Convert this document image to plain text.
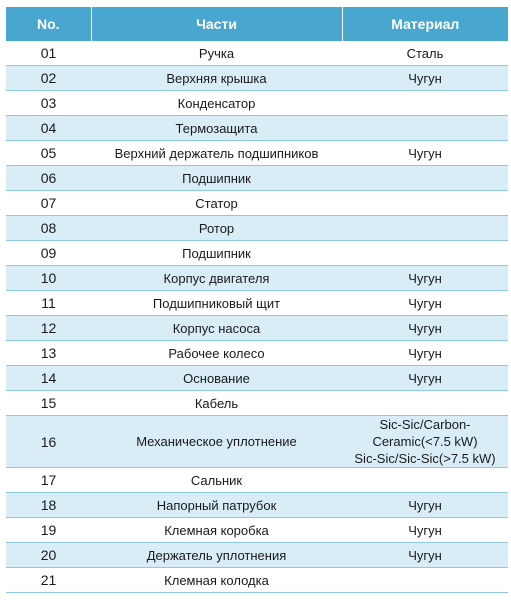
No.	Части	Материал
01	Ручка	Сталь

02	Верхняя крышка	Чугун

03	Конденсатор	
04	Термозащита	
05	Верхний держатель подшипников	Чугун

06	Подшипник	
07	Статор	
08	Ротор	
09	Подшипник	
10	Корпус двигателя	Чугун

11	Подшипниковый щит	Чугун

12	Корпус насоса	Чугун

13	Рабочее колесо	Чугун

14	Основание	Чугун

15	Кабель	
16	Механическое уплотнение	Sic-Sic/Carbon-Ceramic(<7.5 kW)
Sic-Sic/Sic-Sic(>7.5 kW)

17	Сальник	
18	Напорный патрубок	Чугун

19	Клемная коробка	Чугун

20	Держатель уплотнения	Чугун

21	Клемная колодка	
